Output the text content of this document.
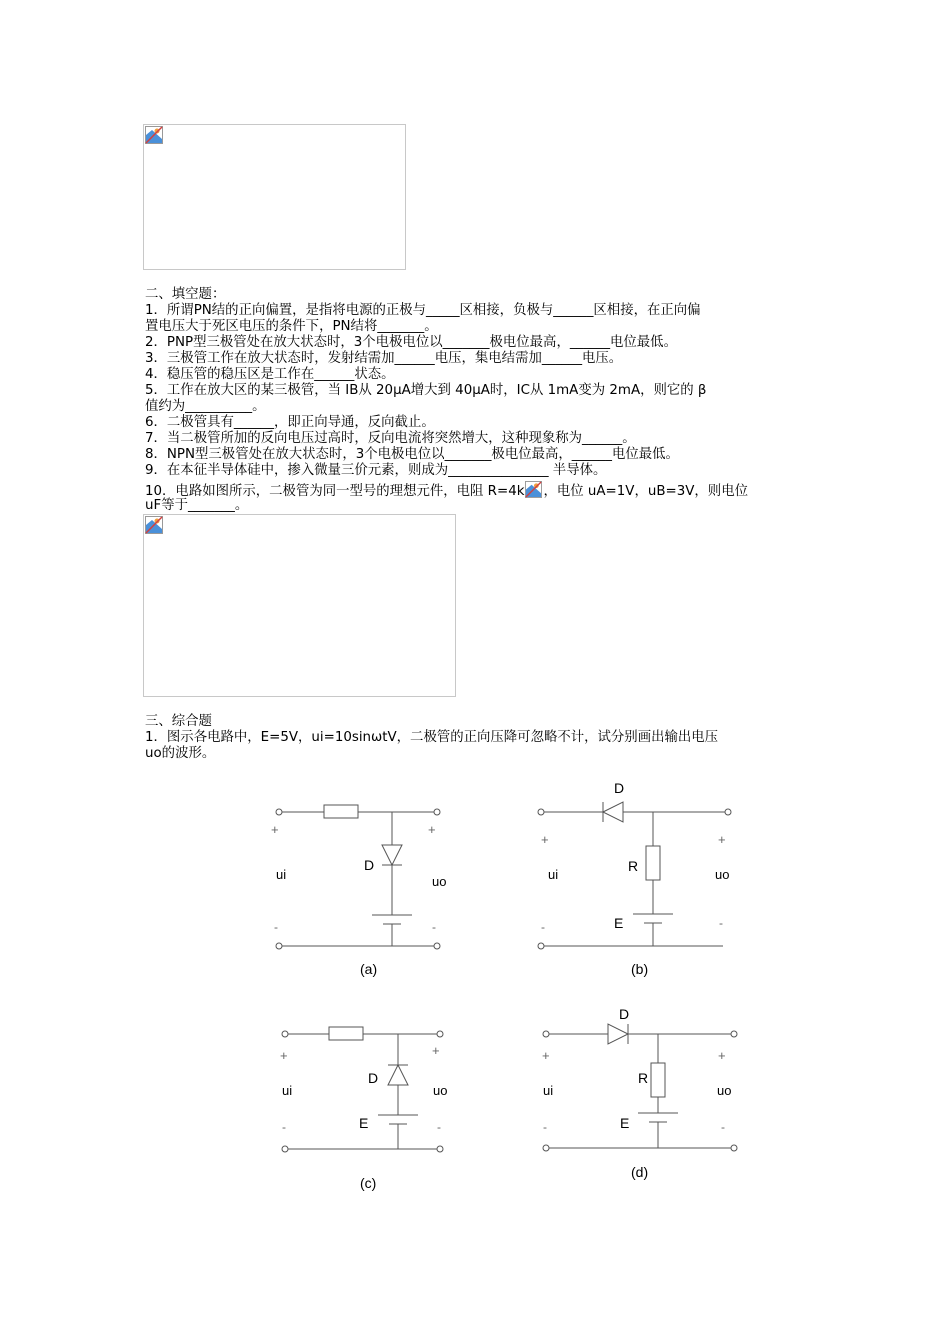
二、填空题：
1．所谓PN结的正向偏置，是指将电源的正极与_____区相接，负极与______区相接，在正向偏
置电压大于死区电压的条件下，PN结将_______。
2．PNP型三极管处在放大状态时，3个电极电位以_______极电位最高，______电位最低。
3．三极管工作在放大状态时，发射结需加______电压，集电结需加______电压。
4．稳压管的稳压区是工作在______状态。
5．工作在放大区的某三极管，当 IB从 20μA增大到 40μA时，IC从 1mA变为 2mA，则它的 β
值约为__________。
6．二极管具有______，即正向导通，反向截止。
7．当二极管所加的反向电压过高时，反向电流将突然增大，这种现象称为______。
8．NPN型三极管处在放大状态时，3个电极电位以_______极电位最高，______电位最低。
9．在本征半导体硅中，掺入微量三价元素，则成为_______________ 半导体。
10．电路如图所示，二极管为同一型号的理想元件，电阻 R=4k ，电位 uA=1V，uB=3V，则电位
uF等于_______。
三、综合题
1．图示各电路中，E=5V，ui=10sinωtV，二极管的正向压降可忽略不计，试分别画出输出电压
uo的波形。
+	+
ui	uo
D
-	-
(a)
D
+	+
ui
R
uo
E
-	-
(b)
+	+
ui
D
uo
E
-	-
(c)
D
+	+
ui
R
uo
E
-	-
(d)
